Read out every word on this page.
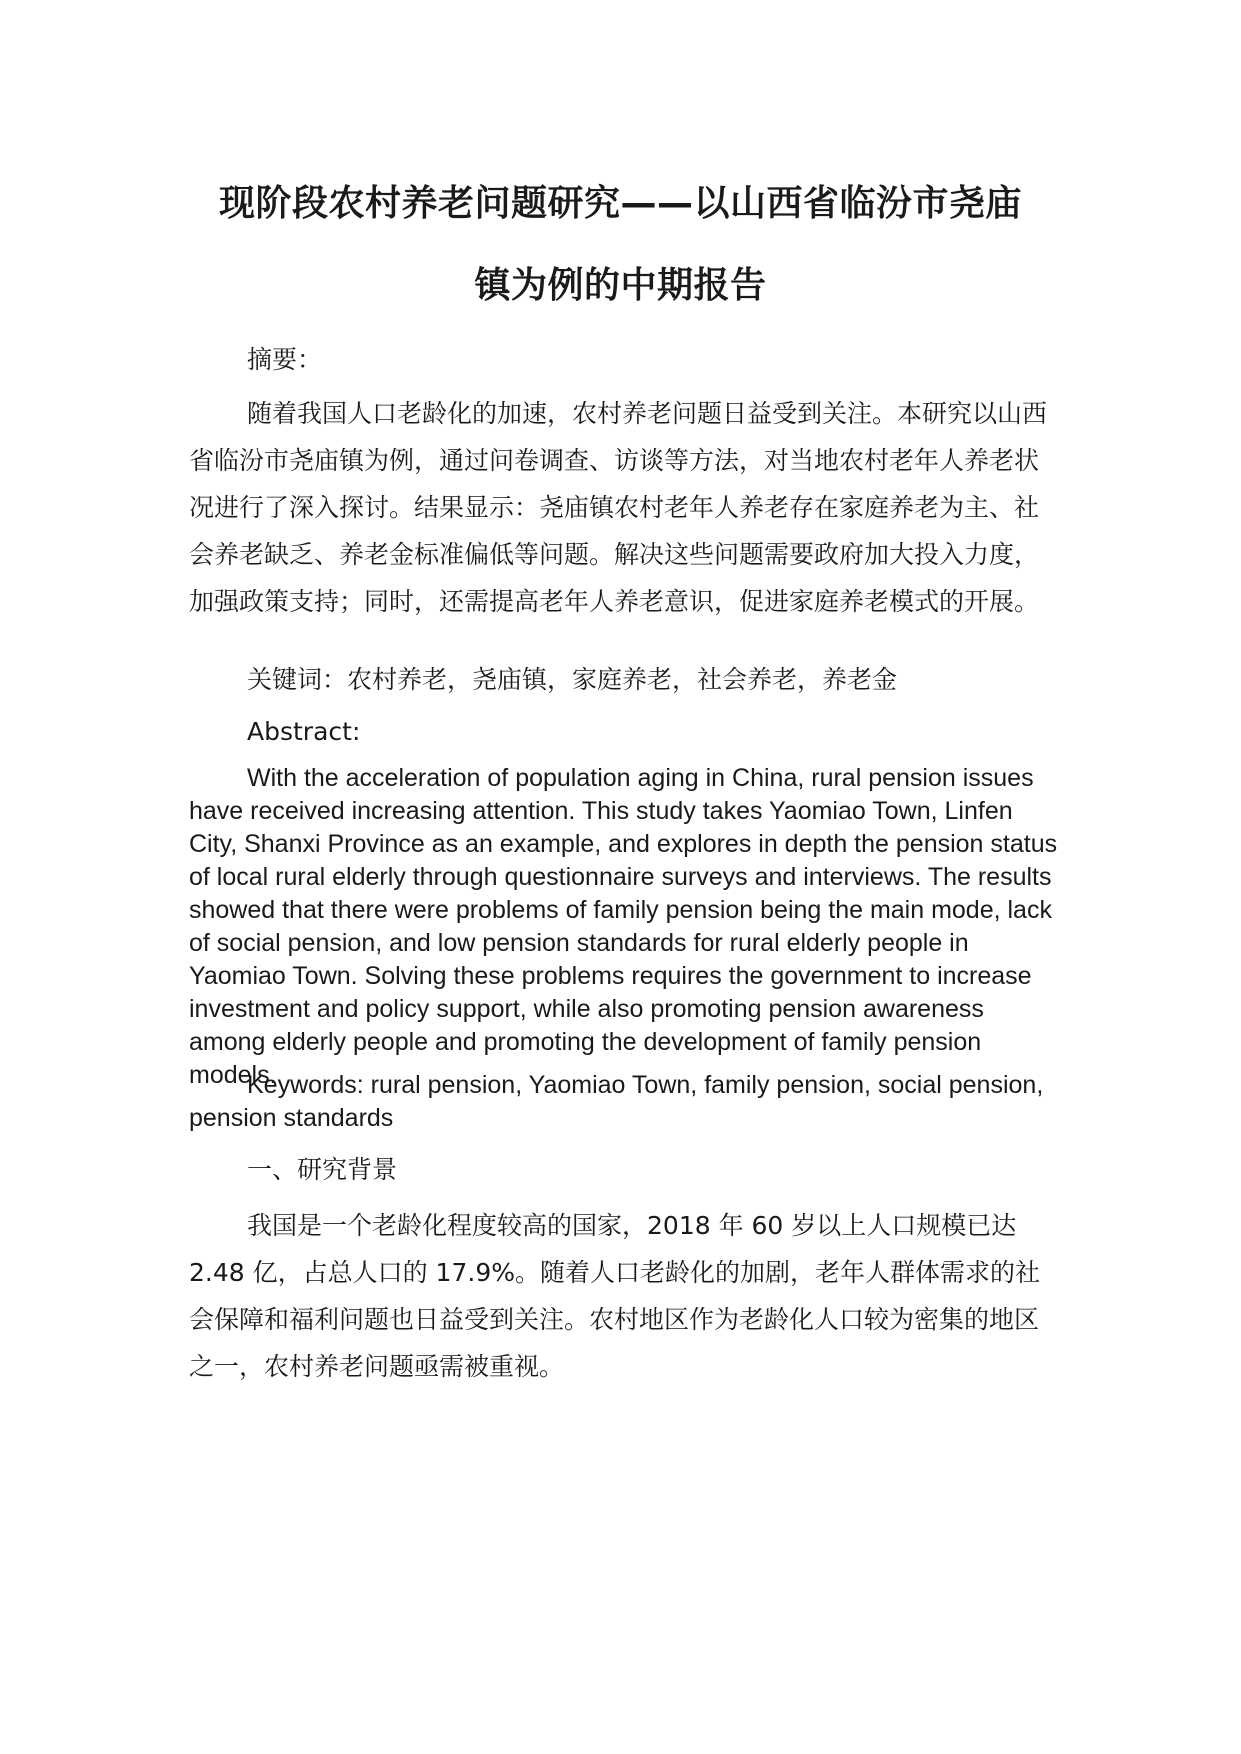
现阶段农村养老问题研究——以山西省临汾市尧庙
镇为例的中期报告

摘要：

随着我国人口老龄化的加速，农村养老问题日益受到关注。本研究以山西省临汾市尧庙镇为例，通过问卷调查、访谈等方法，对当地农村老年人养老状况进行了深入探讨。结果显示：尧庙镇农村老年人养老存在家庭养老为主、社会养老缺乏、养老金标准偏低等问题。解决这些问题需要政府加大投入力度，加强政策支持；同时，还需提高老年人养老意识，促进家庭养老模式的开展。

关键词：农村养老，尧庙镇，家庭养老，社会养老，养老金

Abstract:

With the acceleration of population aging in China, rural pension issues have received increasing attention. This study takes Yaomiao Town, Linfen City, Shanxi Province as an example, and explores in depth the pension status of local rural elderly through questionnaire surveys and interviews. The results showed that there were problems of family pension being the main mode, lack of social pension, and low pension standards for rural elderly people in Yaomiao Town. Solving these problems requires the government to increase investment and policy support, while also promoting pension awareness among elderly people and promoting the development of family pension models.

Keywords: rural pension, Yaomiao Town, family pension, social pension, pension standards

一、研究背景

我国是一个老龄化程度较高的国家，2018 年 60 岁以上人口规模已达 2.48 亿，占总人口的 17.9%。随着人口老龄化的加剧，老年人群体需求的社会保障和福利问题也日益受到关注。农村地区作为老龄化人口较为密集的地区之一，农村养老问题亟需被重视。
